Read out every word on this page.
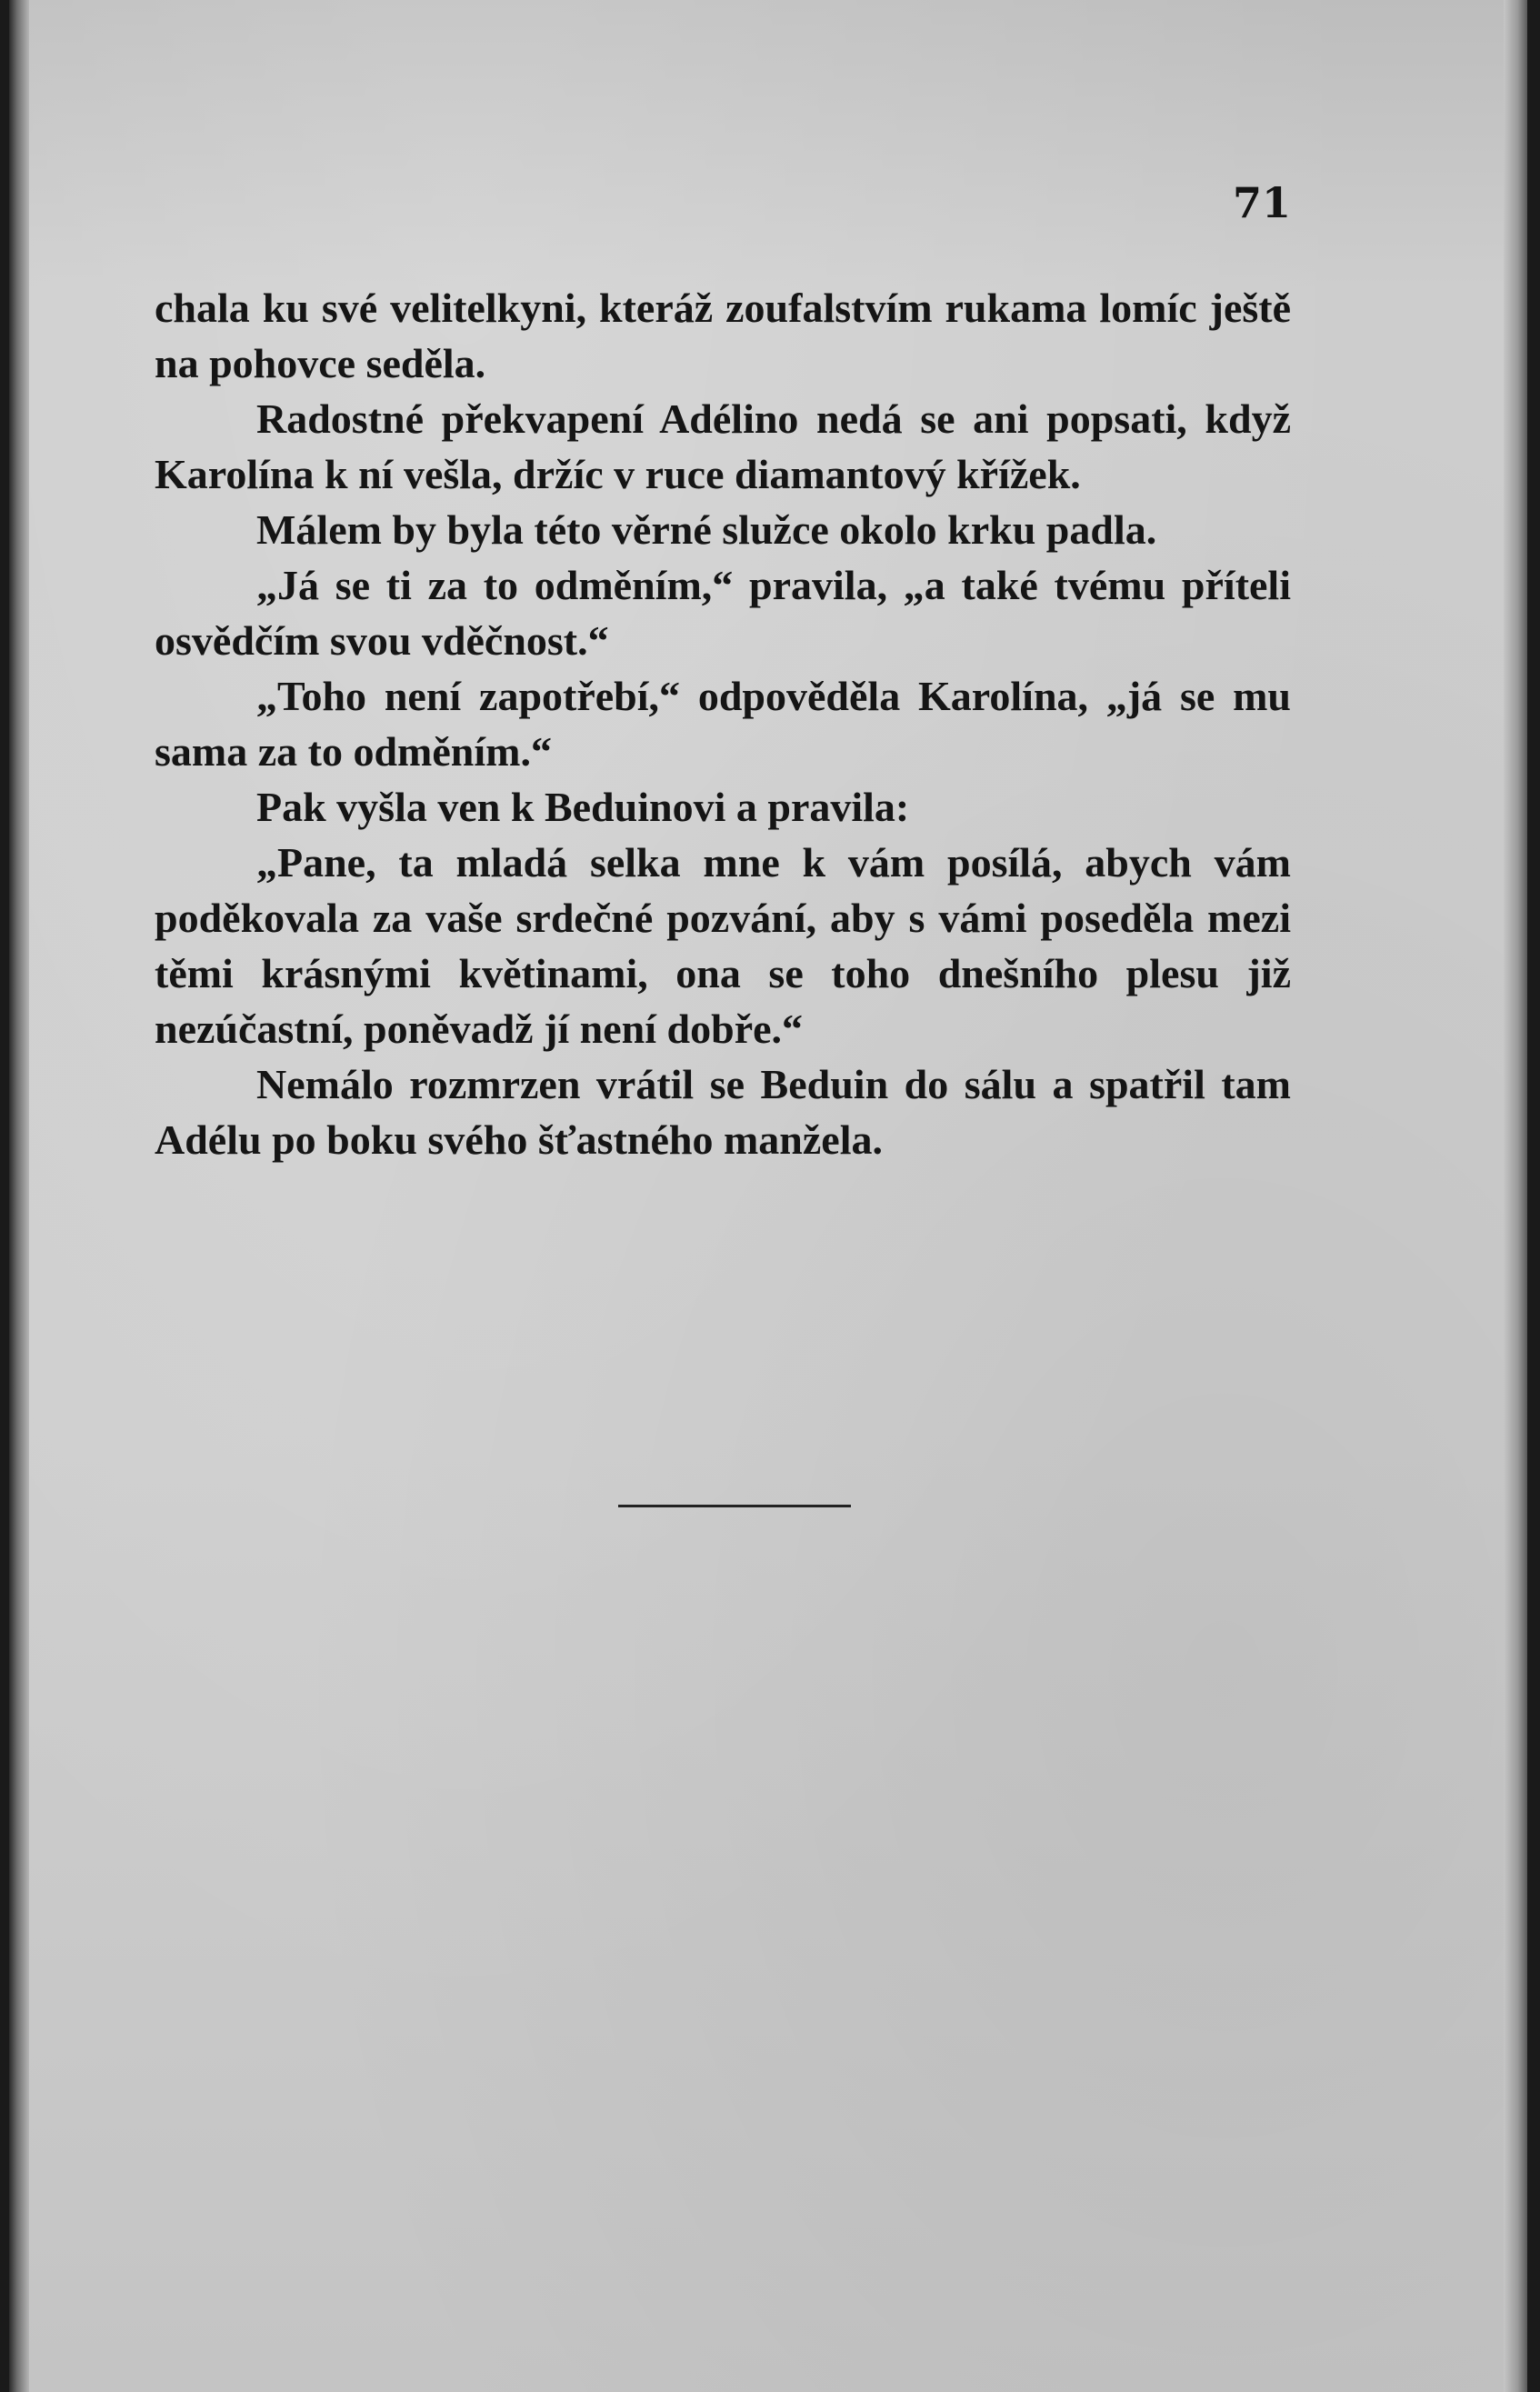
71

chala ku své velitelkyni, kteráž zoufalstvím rukama lomíc ještě na pohovce seděla.

Radostné překvapení Adélino nedá se ani popsati, když Karolína k ní vešla, držíc v ruce diamantový křížek.

Málem by byla této věrné služce okolo krku padla.

„Já se ti za to odměním,“ pravila, „a také tvému příteli osvědčím svou vděčnost.“

„Toho není zapotřebí,“ odpověděla Karolína, „já se mu sama za to odměním.“

Pak vyšla ven k Beduinovi a pravila:

„Pane, ta mladá selka mne k vám posílá, abych vám poděkovala za vaše srdečné pozvání, aby s vámi poseděla mezi těmi krásnými květinami, ona se toho dnešního plesu již nezúčastní, poněvadž jí není dobře.“

Nemálo rozmrzen vrátil se Beduin do sálu a spatřil tam Adélu po boku svého šťastného manžela.
